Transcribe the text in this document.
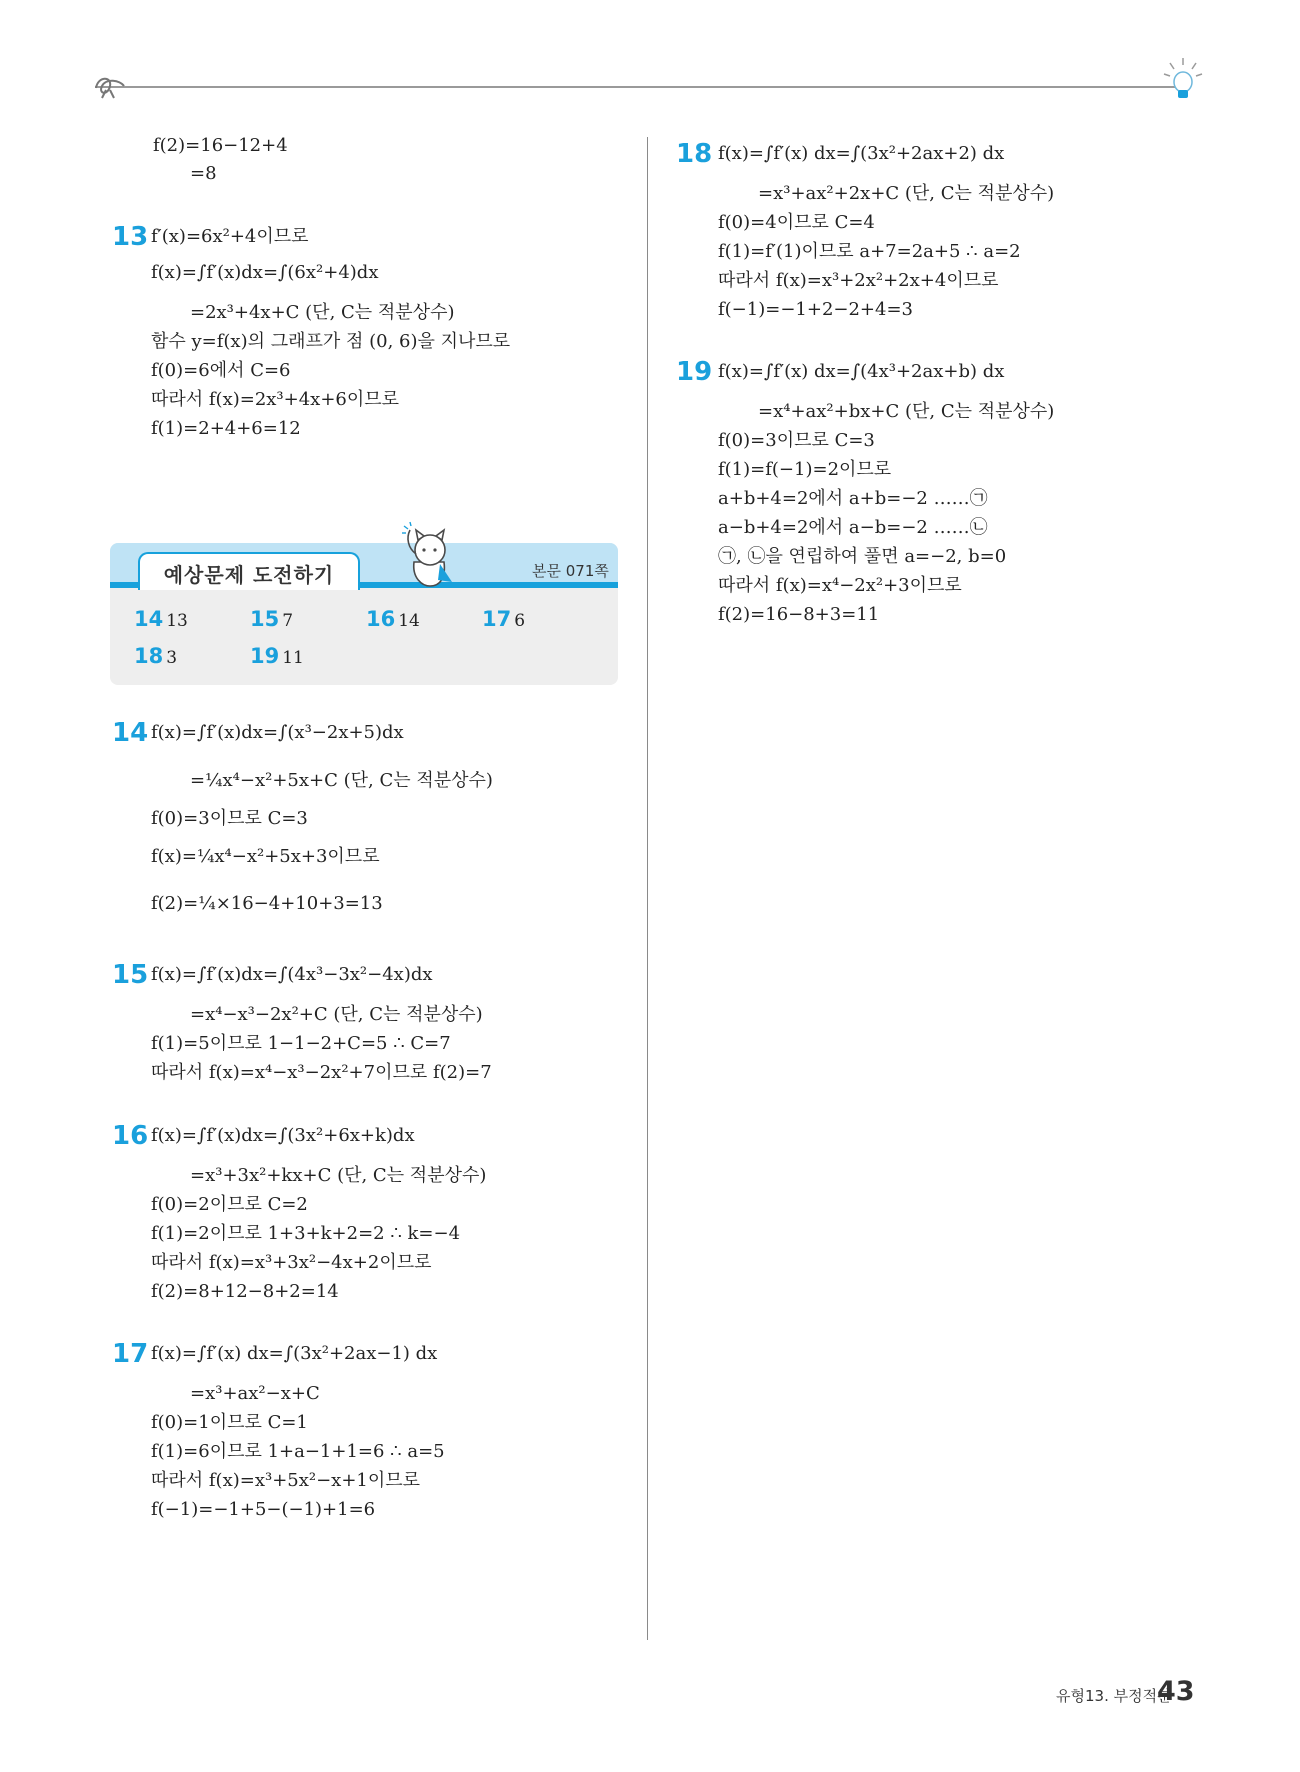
f(2)=16−12+4
=8
13 f′(x)=6x²+4이므로
f(x)=∫f′(x)dx=∫(6x²+4)dx
=2x³+4x+C (단, C는 적분상수)
함수 y=f(x)의 그래프가 점 (0, 6)을 지나므로
f(0)=6에서 C=6
따라서 f(x)=2x³+4x+6이므로
f(1)=2+4+6=12
예상문제 도전하기	본문 071쪽
14 13	15 7	16 14	17 6
18 3	19 11
14 f(x)=∫f′(x)dx=∫(x³−2x+5)dx
=¼x⁴−x²+5x+C (단, C는 적분상수)
f(0)=3이므로 C=3
f(x)=¼x⁴−x²+5x+3이므로
f(2)=¼×16−4+10+3=13
15 f(x)=∫f′(x)dx=∫(4x³−3x²−4x)dx
=x⁴−x³−2x²+C (단, C는 적분상수)
f(1)=5이므로 1−1−2+C=5 ∴ C=7
따라서 f(x)=x⁴−x³−2x²+7이므로 f(2)=7
16 f(x)=∫f′(x)dx=∫(3x²+6x+k)dx
=x³+3x²+kx+C (단, C는 적분상수)
f(0)=2이므로 C=2
f(1)=2이므로 1+3+k+2=2 ∴ k=−4
따라서 f(x)=x³+3x²−4x+2이므로
f(2)=8+12−8+2=14
17 f(x)=∫f′(x) dx=∫(3x²+2ax−1) dx
=x³+ax²−x+C
f(0)=1이므로 C=1
f(1)=6이므로 1+a−1+1=6 ∴ a=5
따라서 f(x)=x³+5x²−x+1이므로
f(−1)=−1+5−(−1)+1=6
18 f(x)=∫f′(x) dx=∫(3x²+2ax+2) dx
=x³+ax²+2x+C (단, C는 적분상수)
f(0)=4이므로 C=4
f(1)=f′(1)이므로 a+7=2a+5 ∴ a=2
따라서 f(x)=x³+2x²+2x+4이므로
f(−1)=−1+2−2+4=3
19 f(x)=∫f′(x) dx=∫(4x³+2ax+b) dx
=x⁴+ax²+bx+C (단, C는 적분상수)
f(0)=3이므로 C=3
f(1)=f(−1)=2이므로
a+b+4=2에서 a+b=−2 ……㉠
a−b+4=2에서 a−b=−2 ……㉡
㉠, ㉡을 연립하여 풀면 a=−2, b=0
따라서 f(x)=x⁴−2x²+3이므로
f(2)=16−8+3=11
유형13. 부정적분
43
